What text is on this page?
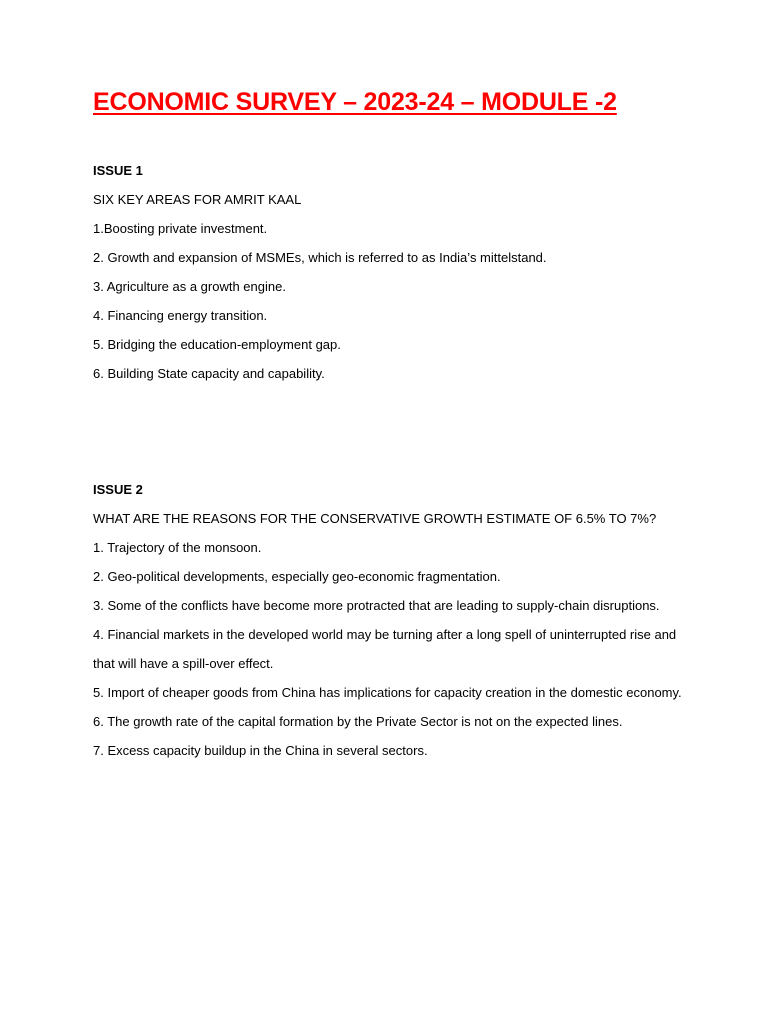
ECONOMIC SURVEY – 2023-24 – MODULE -2
ISSUE 1
SIX KEY AREAS FOR AMRIT KAAL
1.Boosting private investment.
2. Growth and expansion of MSMEs, which is referred to as India’s mittelstand.
3. Agriculture as a growth engine.
4. Financing energy transition.
5. Bridging the education-employment gap.
6. Building State capacity and capability.
ISSUE 2
WHAT ARE THE REASONS FOR THE CONSERVATIVE GROWTH ESTIMATE OF 6.5% TO 7%?
1. Trajectory of the monsoon.
2. Geo-political developments, especially geo-economic fragmentation.
3. Some of the conflicts have become more protracted that are leading to supply-chain disruptions.
4. Financial markets in the developed world may be turning after a long spell of uninterrupted rise and
that will have a spill-over effect.
5. Import of cheaper goods from China has implications for capacity creation in the domestic economy.
6. The growth rate of the capital formation by the Private Sector is not on the expected lines.
7. Excess capacity buildup in the China in several sectors.
